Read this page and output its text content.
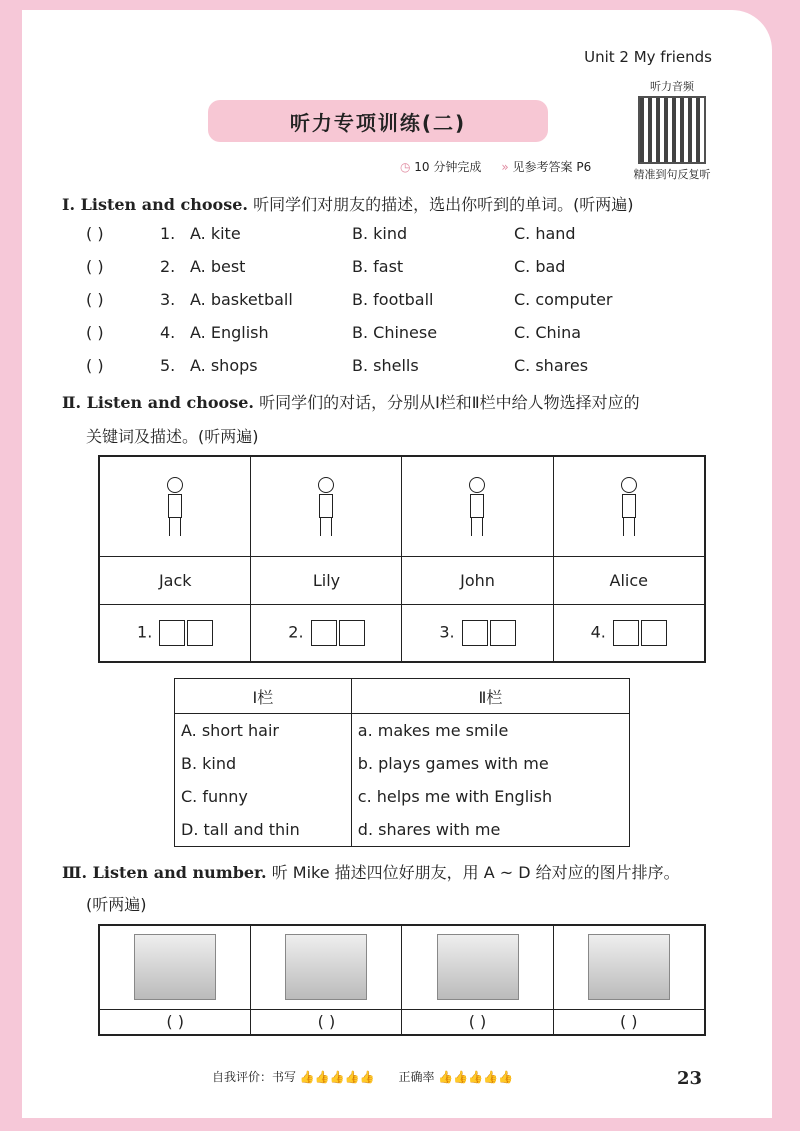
Unit 2 My friends
听力专项训练(二)
听力音频
精准到句反复听
◷ 10 分钟完成 » 见参考答案 P6
Ⅰ. Listen and choose. 听同学们对朋友的描述，选出你听到的单词。(听两遍)
( )	1. A. kite	B. kind	C. hand
( )	2. A. best	B. fast	C. bad
( )	3. A. basketball	B. football	C. computer
( )	4. A. English	B. Chinese	C. China
( )	5. A. shops	B. shells	C. shares
Ⅱ. Listen and choose. 听同学们的对话，分别从Ⅰ栏和Ⅱ栏中给人物选择对应的
关键词及描述。(听两遍)

Jack	Lily	John	Alice
1.	2.	3.	4.
Ⅰ栏	Ⅱ栏
A. short hair	a. makes me smile
B. kind	b. plays games with me
C. funny	c. helps me with English
D. tall and thin	d. shares with me
Ⅲ. Listen and number. 听 Mike 描述四位好朋友，用 A ~ D 给对应的图片排序。
(听两遍)

( )	( )	( )	( )
自我评价：书写 👍👍👍👍👍 正确率 👍👍👍👍👍	23
